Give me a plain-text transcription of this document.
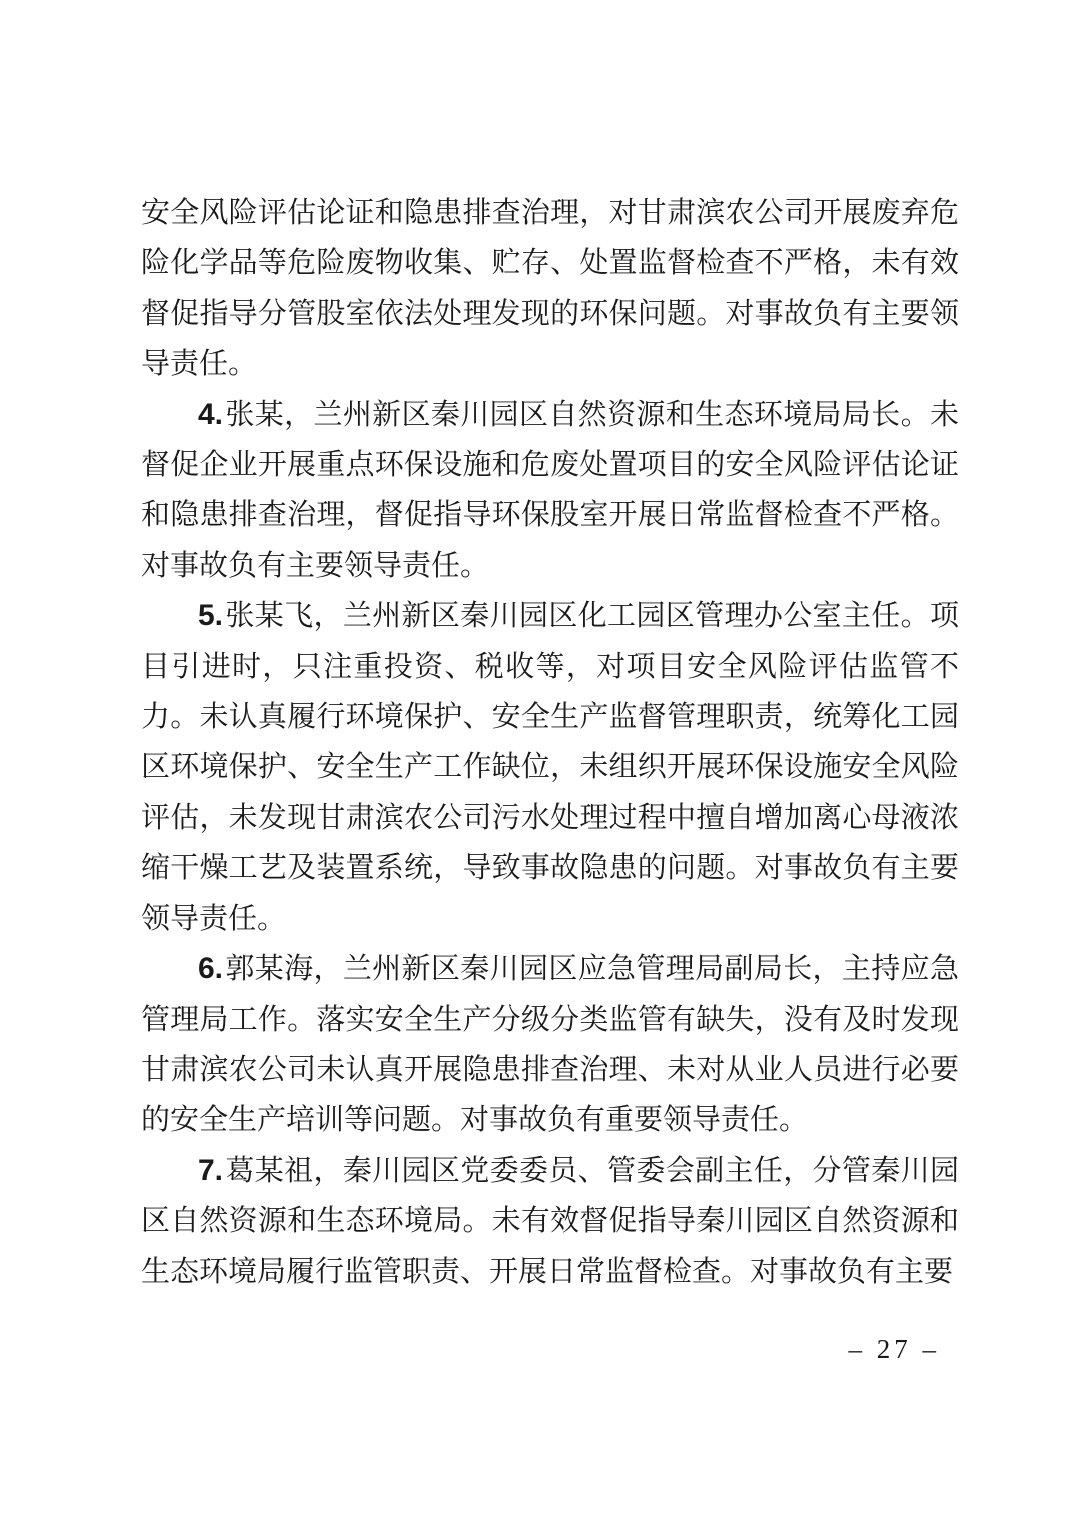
安全风险评估论证和隐患排查治理，对甘肃滨农公司开展废弃危险化学品等危险废物收集、贮存、处置监督检查不严格，未有效督促指导分管股室依法处理发现的环保问题。对事故负有主要领导责任。

4.张某，兰州新区秦川园区自然资源和生态环境局局长。未督促企业开展重点环保设施和危废处置项目的安全风险评估论证和隐患排查治理，督促指导环保股室开展日常监督检查不严格。对事故负有主要领导责任。

5.张某飞，兰州新区秦川园区化工园区管理办公室主任。项目引进时，只注重投资、税收等，对项目安全风险评估监管不力。未认真履行环境保护、安全生产监督管理职责，统筹化工园区环境保护、安全生产工作缺位，未组织开展环保设施安全风险评估，未发现甘肃滨农公司污水处理过程中擅自增加离心母液浓缩干燥工艺及装置系统，导致事故隐患的问题。对事故负有主要领导责任。

6.郭某海，兰州新区秦川园区应急管理局副局长，主持应急管理局工作。落实安全生产分级分类监管有缺失，没有及时发现甘肃滨农公司未认真开展隐患排查治理、未对从业人员进行必要的安全生产培训等问题。对事故负有重要领导责任。

7.葛某祖，秦川园区党委委员、管委会副主任，分管秦川园区自然资源和生态环境局。未有效督促指导秦川园区自然资源和生态环境局履行监管职责、开展日常监督检查。对事故负有主要

– 27 –
